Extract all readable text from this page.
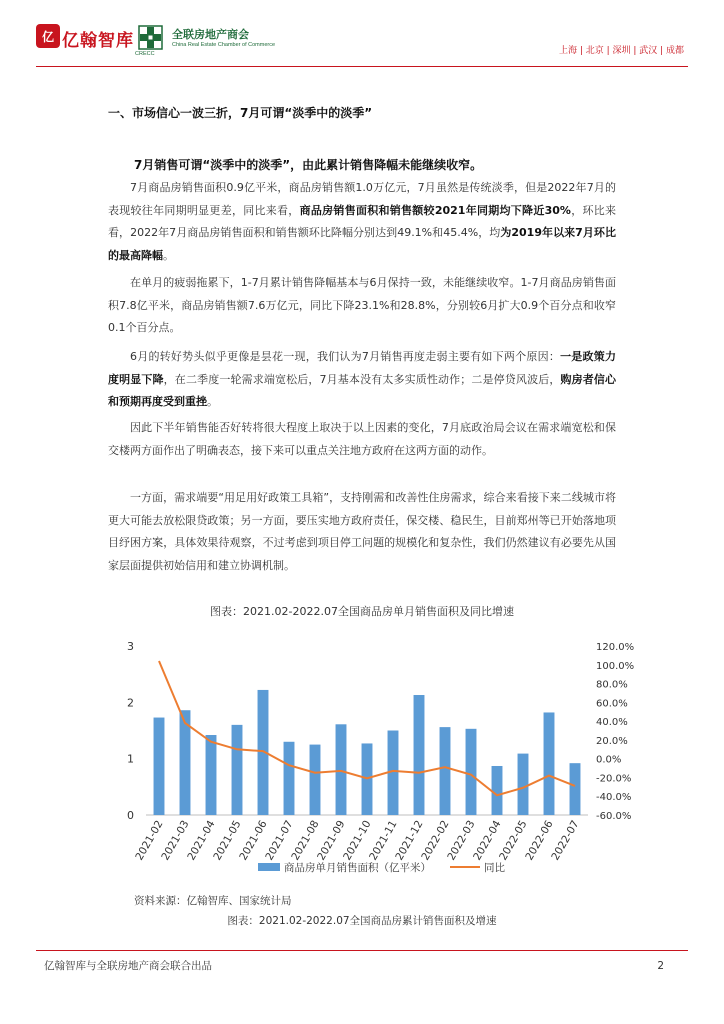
亿 亿翰智库	全联房地产商会
China Real Estate Chamber of Commerce
CRECC	上海 | 北京 | 深圳 | 武汉 | 成都
一、市场信心一波三折，7月可谓“淡季中的淡季”
7月销售可谓“淡季中的淡季”，由此累计销售降幅未能继续收窄。

7月商品房销售面积0.9亿平米，商品房销售额1.0万亿元，7月虽然是传统淡季，但是2022年7月的表现较往年同期明显更差，同比来看，商品房销售面积和销售额较2021年同期均下降近30%，环比来看，2022年7月商品房销售面积和销售额环比降幅分别达到49.1%和45.4%，均为2019年以来7月环比的最高降幅。

在单月的疲弱拖累下，1-7月累计销售降幅基本与6月保持一致，未能继续收窄。1-7月商品房销售面积7.8亿平米，商品房销售额7.6万亿元，同比下降23.1%和28.8%，分别较6月扩大0.9个百分点和收窄0.1个百分点。

6月的转好势头似乎更像是昙花一现，我们认为7月销售再度走弱主要有如下两个原因：一是政策力度明显下降，在二季度一轮需求端宽松后，7月基本没有太多实质性动作；二是停贷风波后，购房者信心和预期再度受到重挫。

因此下半年销售能否好转将很大程度上取决于以上因素的变化，7月底政治局会议在需求端宽松和保交楼两方面作出了明确表态，接下来可以重点关注地方政府在这两方面的动作。

一方面，需求端要“用足用好政策工具箱”，支持刚需和改善性住房需求，综合来看接下来二线城市将更大可能去放松限贷政策；另一方面，要压实地方政府责任，保交楼、稳民生，目前郑州等已开始落地项目纾困方案，具体效果待观察，不过考虑到项目停工问题的规模化和复杂性，我们仍然建议有必要先从国家层面提供初始信用和建立协调机制。

图表：2021.02-2022.07全国商品房单月销售面积及同比增速
0
1
2
3	120.0%
100.0%
80.0%
60.0%
40.0%
20.0%
0.0%
-20.0%
-40.0%
-60.0%
2021-02
2021-03
2021-04
2021-05
2021-06
2021-07
2021-08
2021-09
2021-10
2021-11
2021-12
2022-02
2022-03
2022-04
2022-05
2022-06
2022-07
商品房单月销售面积（亿平米）	同比
资料来源：亿翰智库、国家统计局
图表：2021.02-2022.07全国商品房累计销售面积及增速
亿翰智库与全联房地产商会联合出品	2
